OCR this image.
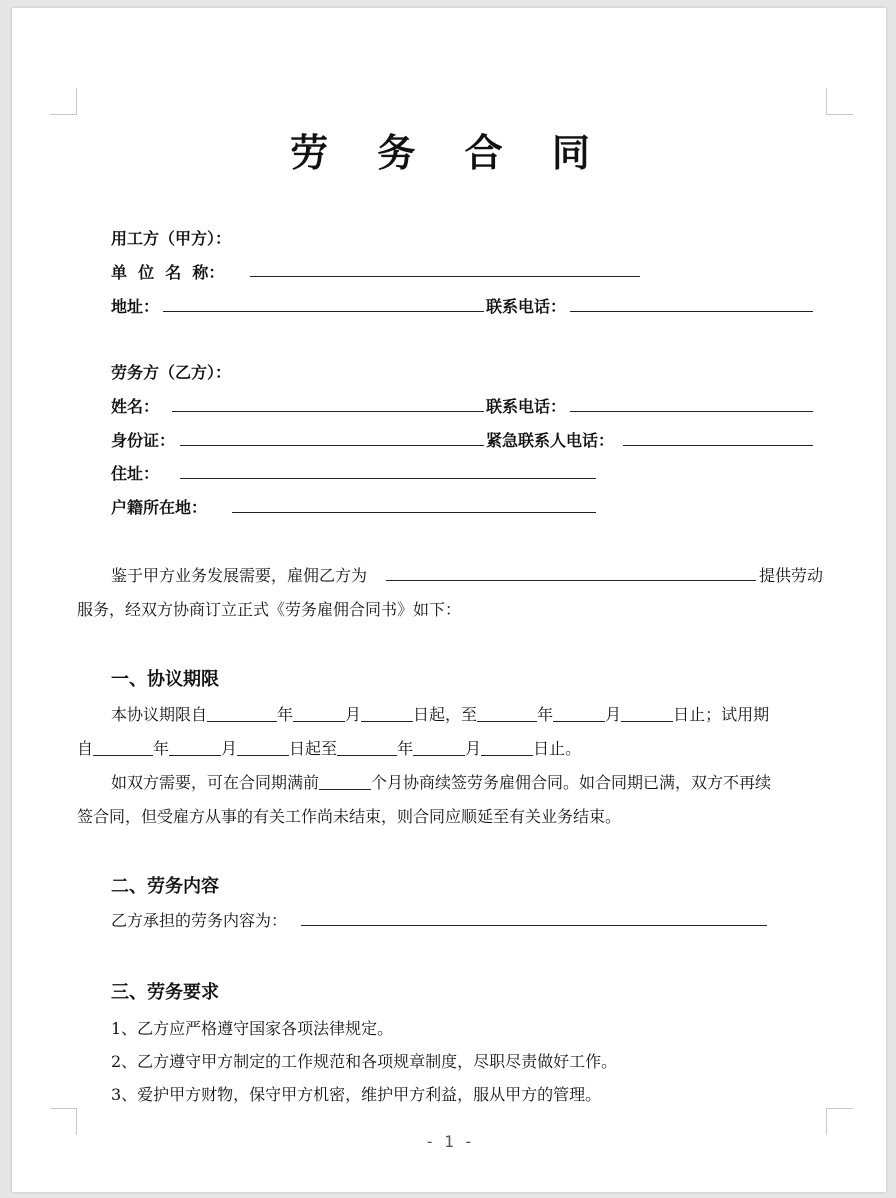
劳 务 合 同
用工方（甲方）：
单  位  名  称：
地址：	联系电话：
劳务方（乙方）：
姓名：	联系电话：
身份证：	紧急联系人电话：
住址：
户籍所在地：
鉴于甲方业务发展需要，雇佣乙方为	提供劳动
服务，经双方协商订立正式《劳务雇佣合同书》如下：
一、协议期限
本协议期限自	年	月	日起，至	年	月	日止；试用期
自	年	月	日起至	年	月	日止。
如双方需要，可在合同期满前	个月协商续签劳务雇佣合同。如合同期已满，双方不再续
签合同，但受雇方从事的有关工作尚未结束，则合同应顺延至有关业务结束。
二、劳务内容
乙方承担的劳务内容为：
三、劳务要求
1、乙方应严格遵守国家各项法律规定。
2、乙方遵守甲方制定的工作规范和各项规章制度，尽职尽责做好工作。
3、爱护甲方财物，保守甲方机密，维护甲方利益，服从甲方的管理。
- 1 -
